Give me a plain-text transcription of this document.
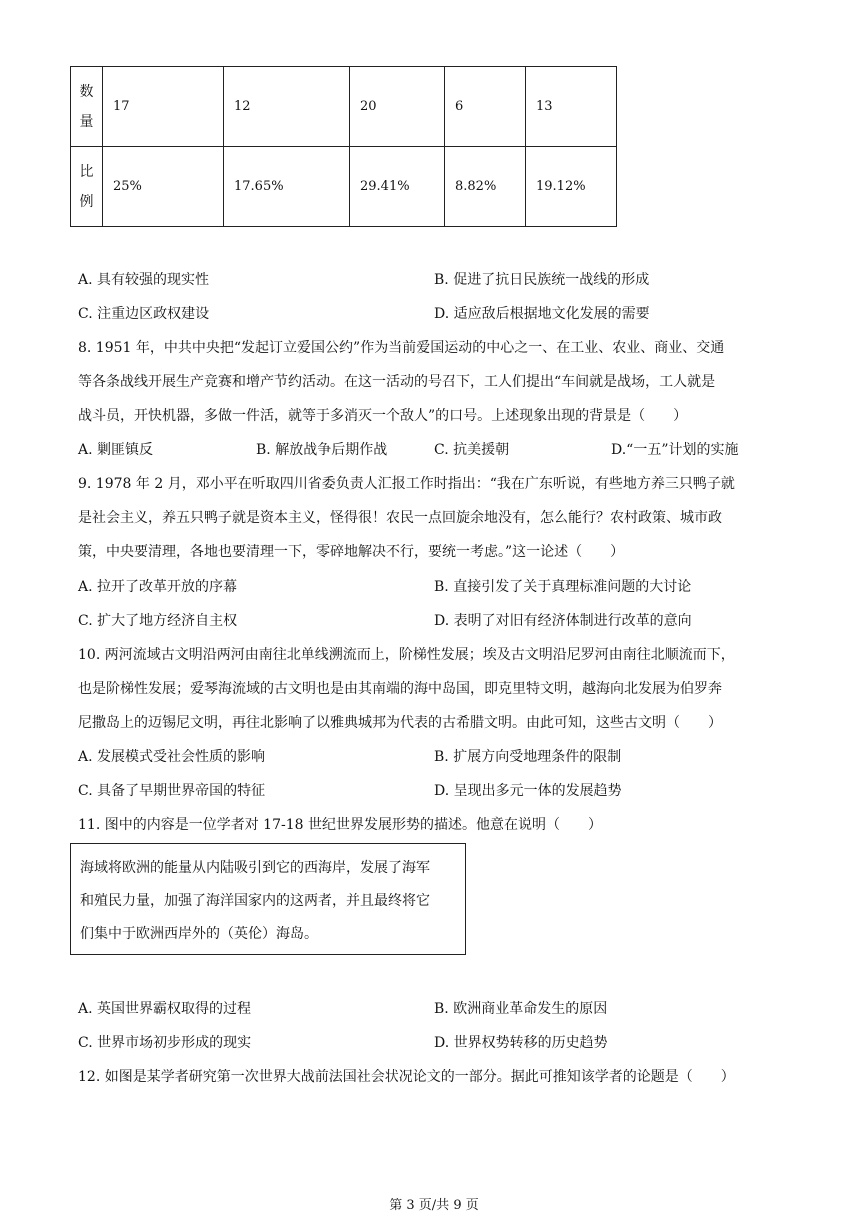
数
量	17	12	20	6	13
比
例	25%	17.65%	29.41%	8.82%	19.12%
A. 具有较强的现实性	B. 促进了抗日民族统一战线的形成
C. 注重边区政权建设	D. 适应敌后根据地文化发展的需要
8. 1951 年，中共中央把“发起订立爱国公约”作为当前爱国运动的中心之一、在工业、农业、商业、交通
等各条战线开展生产竞赛和增产节约活动。在这一活动的号召下，工人们提出“车间就是战场，工人就是
战斗员，开快机器，多做一件活，就等于多消灭一个敌人”的口号。上述现象出现的背景是（　　）
A. 剿匪镇反	B. 解放战争后期作战	C. 抗美援朝	D.“一五”计划的实施
9. 1978 年 2 月，邓小平在听取四川省委负责人汇报工作时指出：“我在广东听说，有些地方养三只鸭子就
是社会主义，养五只鸭子就是资本主义，怪得很！农民一点回旋余地没有，怎么能行？农村政策、城市政
策，中央要清理，各地也要清理一下，零碎地解决不行，要统一考虑。”这一论述（　　）
A. 拉开了改革开放的序幕	B. 直接引发了关于真理标准问题的大讨论
C. 扩大了地方经济自主权	D. 表明了对旧有经济体制进行改革的意向
10. 两河流域古文明沿两河由南往北单线溯流而上，阶梯性发展；埃及古文明沿尼罗河由南往北顺流而下，
也是阶梯性发展；爱琴海流域的古文明也是由其南端的海中岛国，即克里特文明，越海向北发展为伯罗奔
尼撒岛上的迈锡尼文明，再往北影响了以雅典城邦为代表的古希腊文明。由此可知，这些古文明（　　）
A. 发展模式受社会性质的影响	B. 扩展方向受地理条件的限制
C. 具备了早期世界帝国的特征	D. 呈现出多元一体的发展趋势
11. 图中的内容是一位学者对 17-18 世纪世界发展形势的描述。他意在说明（　　）
海域将欧洲的能量从内陆吸引到它的西海岸，发展了海军
和殖民力量，加强了海洋国家内的这两者，并且最终将它
们集中于欧洲西岸外的（英伦）海岛。
A. 英国世界霸权取得的过程	B. 欧洲商业革命发生的原因
C. 世界市场初步形成的现实	D. 世界权势转移的历史趋势
12. 如图是某学者研究第一次世界大战前法国社会状况论文的一部分。据此可推知该学者的论题是（　　）
第 3 页/共 9 页
